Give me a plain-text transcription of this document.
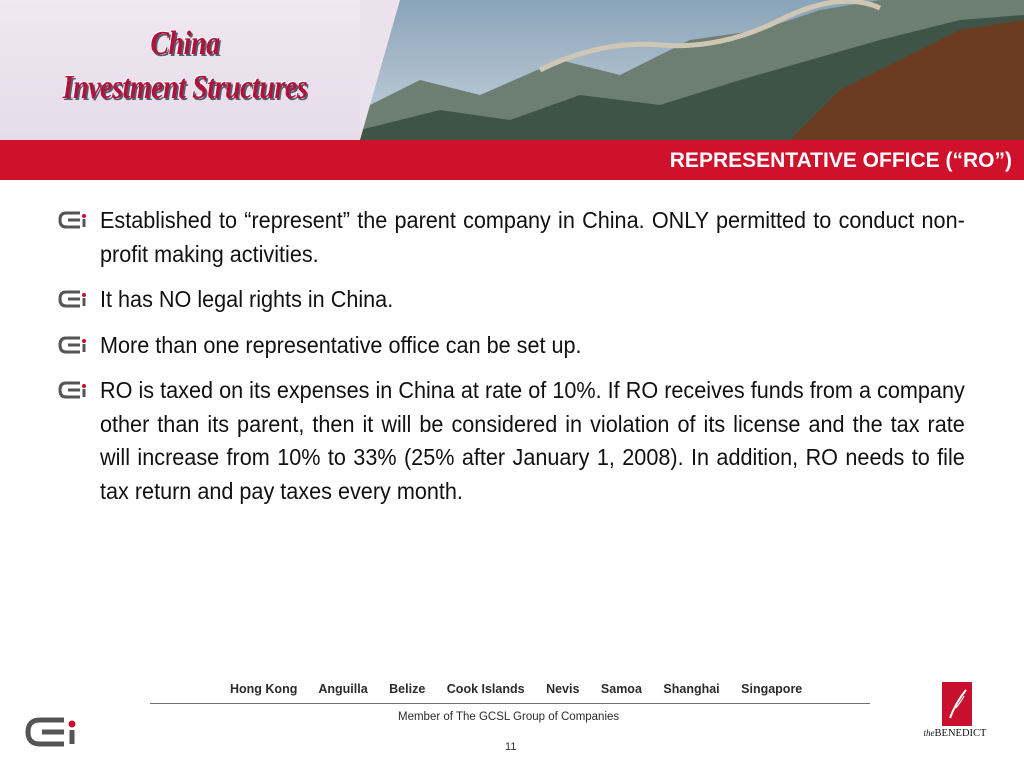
China
Investment Structures
REPRESENTATIVE OFFICE (“RO”)
Established to “represent” the parent company in China. ONLY permitted to conduct non-profit making activities.
It has NO legal rights in China.
More than one representative office can be set up.
RO is taxed on its expenses in China at rate of 10%. If RO receives funds from a company other than its parent, then it will be considered in violation of its license and the tax rate will increase from 10% to 33% (25% after January 1, 2008). In addition, RO needs to file tax return and pay taxes every month.
Hong Kong Anguilla Belize Cook Islands Nevis Samoa Shanghai Singapore
Member of The GCSL Group of Companies
11
theBENEDICT
